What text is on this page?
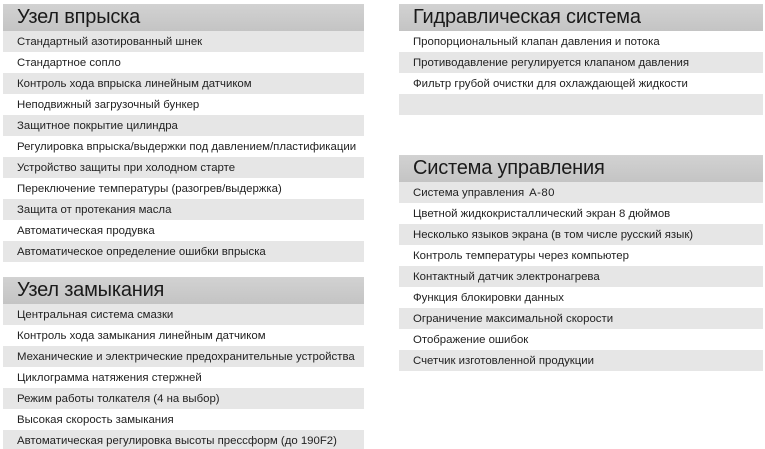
Узел впрыска
Стандартный азотированный шнек
Стандартное сопло
Контроль хода впрыска линейным датчиком
Неподвижный загрузочный бункер
Защитное покрытие цилиндра
Регулировка впрыска/выдержки под давлением/пластификации
Устройство защиты при холодном старте
Переключение температуры (разогрев/выдержка)
Защита от протекания масла
Автоматическая продувка
Автоматическое определение ошибки впрыска
Узел замыкания
Центральная система смазки
Контроль хода замыкания линейным датчиком
Механические и электрические предохранительные устройства
Циклограмма натяжения стержней
Режим работы толкателя (4 на выбор)
Высокая скорость замыкания
Автоматическая регулировка высоты прессформ (до 190F2)
Гидравлическая система
Пропорциональный клапан давления и потока
Противодавление регулируется клапаном давления
Фильтр грубой очистки для охлаждающей жидкости
Система управления
Система управления A-80
Цветной жидкокристаллический экран 8 дюймов
Несколько языков экрана (в том числе русский язык)
Контроль температуры через компьютер
Контактный датчик электронагрева
Функция блокировки данных
Ограничение максимальной скорости
Отображение ошибок
Счетчик изготовленной продукции
